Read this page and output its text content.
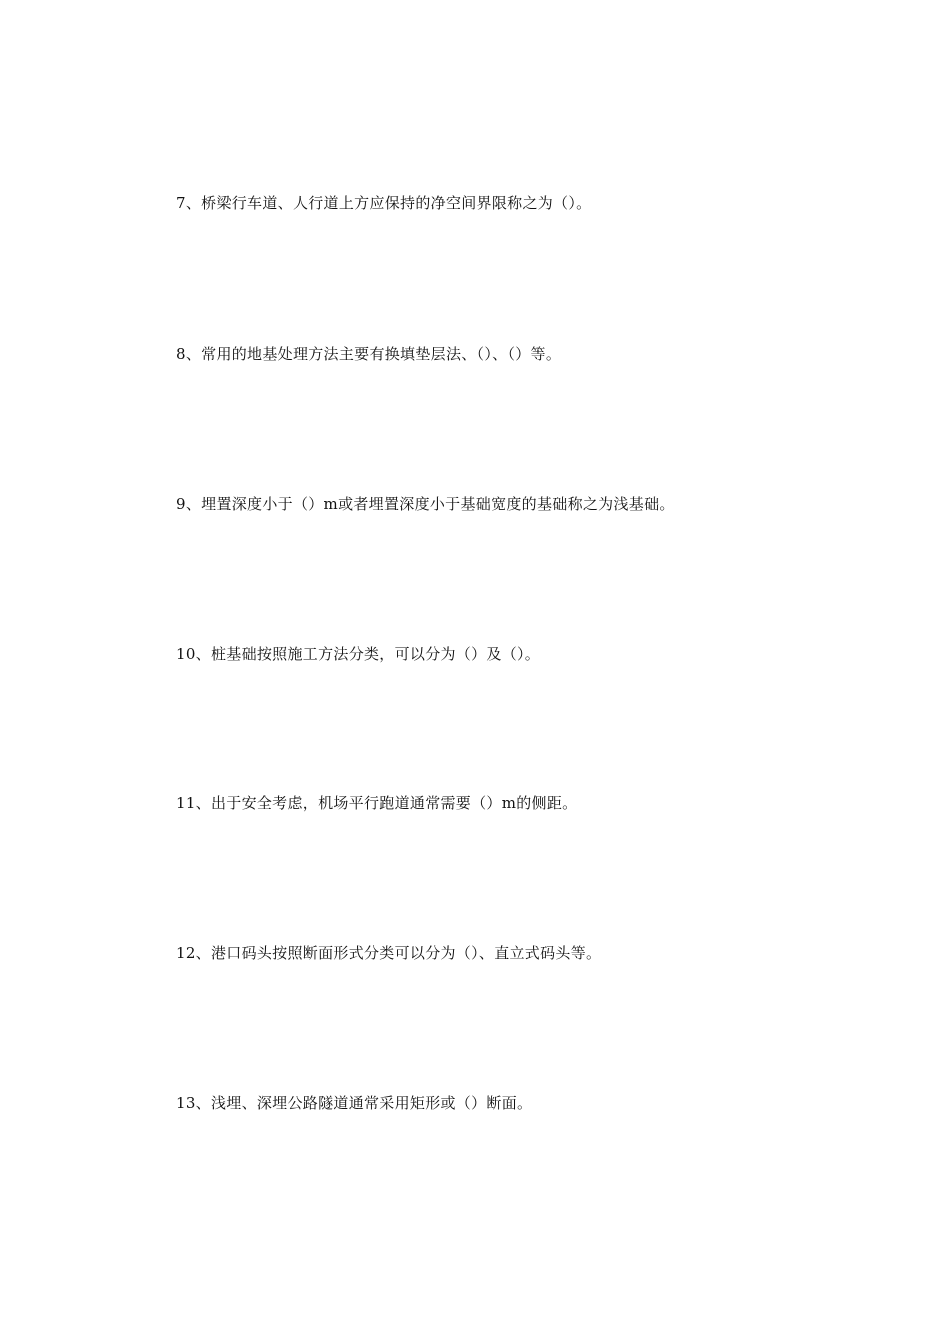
7、桥梁行车道、人行道上方应保持的净空间界限称之为（）。
8、常用的地基处理方法主要有换填垫层法、（）、（）等。
9、埋置深度小于（）m或者埋置深度小于基础宽度的基础称之为浅基础。
10、桩基础按照施工方法分类，可以分为（）及（）。
11、出于安全考虑，机场平行跑道通常需要（）m的侧距。
12、港口码头按照断面形式分类可以分为（）、直立式码头等。
13、浅埋、深埋公路隧道通常采用矩形或（）断面。
